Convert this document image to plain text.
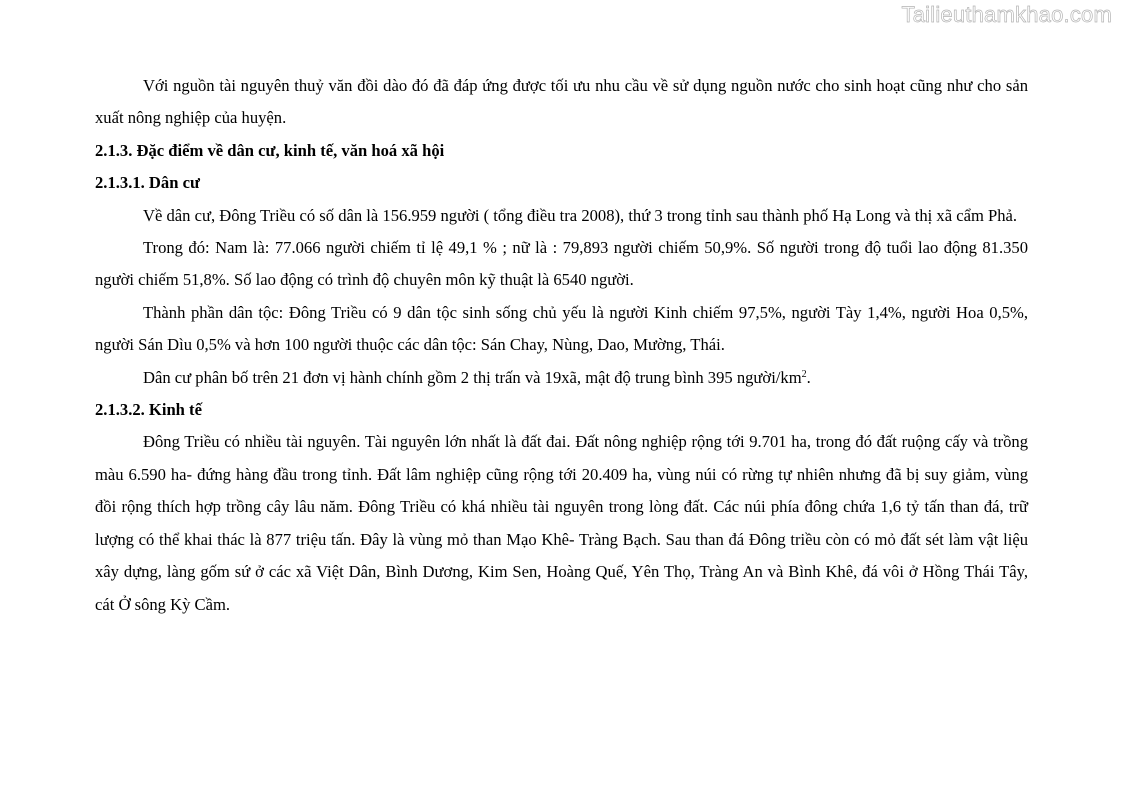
Tailieuthamkhao.com

Với nguồn tài nguyên thuỷ văn đồi dào đó đã đáp ứng được tối ưu nhu cầu về sử dụng nguồn nước cho sinh hoạt cũng như cho sản xuất nông nghiệp của huyện.

2.1.3. Đặc điểm về dân cư, kinh tế, văn hoá xã hội

2.1.3.1. Dân cư

Về dân cư, Đông Triều có số dân là 156.959 người ( tổng điều tra 2008), thứ 3 trong tỉnh sau thành phố Hạ Long và thị xã cẩm Phả.

Trong đó: Nam là: 77.066 người chiếm tỉ lệ 49,1 % ; nữ là : 79,893 người chiếm 50,9%. Số người trong độ tuổi lao động 81.350 người chiếm 51,8%. Số lao động có trình độ chuyên môn kỹ thuật là 6540 người.

Thành phần dân tộc: Đông Triều có 9 dân tộc sinh sống chủ yếu là người Kinh chiếm 97,5%, người Tày 1,4%, người Hoa 0,5%, người Sán Dìu 0,5% và hơn 100 người thuộc các dân tộc: Sán Chay, Nùng, Dao, Mường, Thái.

Dân cư phân bố trên 21 đơn vị hành chính gồm 2 thị trấn và 19xã, mật độ trung bình 395 người/$km^2$.

2.1.3.2. Kinh tế

Đông Triều có nhiều tài nguyên. Tài nguyên lớn nhất là đất đai. Đất nông nghiệp rộng tới 9.701 ha, trong đó đất ruộng cấy và trồng màu 6.590 ha- đứng hàng đầu trong tỉnh. Đất lâm nghiệp cũng rộng tới 20.409 ha, vùng núi có rừng tự nhiên nhưng đã bị suy giảm, vùng đồi rộng thích hợp trồng cây lâu năm. Đông Triều có khá nhiều tài nguyên trong lòng đất. Các núi phía đông chứa 1,6 tỷ tấn than đá, trữ lượng có thể khai thác là 877 triệu tấn. Đây là vùng mỏ than Mạo Khê- Tràng Bạch. Sau than đá Đông triều còn có mỏ đất sét làm vật liệu xây dựng, làng gốm sứ ở các xã Việt Dân, Bình Dương, Kim Sen, Hoàng Quế, Yên Thọ, Tràng An và Bình Khê, đá vôi ở Hồng Thái Tây, cát Ở sông Kỳ Cầm.
